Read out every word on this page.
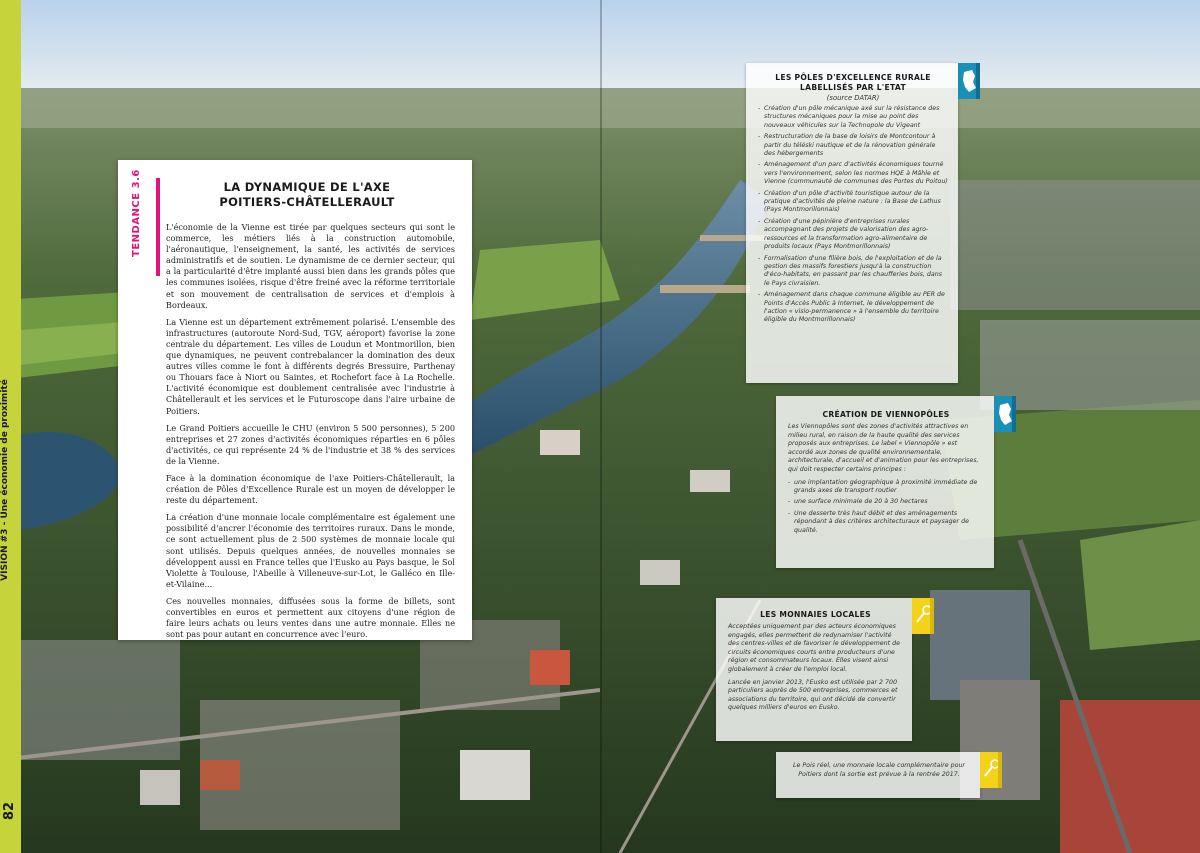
VISION #3 - Une économie de proximité
82
TENDANCE 3.6	LA DYNAMIQUE DE L'AXE
POITIERS-CHÂTELLERAULT

L'économie de la Vienne est tirée par quelques secteurs qui sont le commerce, les métiers liés à la construction automobile, l'aéronautique, l'enseignement, la santé, les activités de services administratifs et de soutien. Le dynamisme de ce dernier secteur, qui a la particularité d'être implanté aussi bien dans les grands pôles que les communes isolées, risque d'être freiné avec la réforme territoriale et son mouvement de centralisation de services et d'emplois à Bordeaux.

La Vienne est un département extrêmement polarisé. L'ensemble des infrastructures (autoroute Nord-Sud, TGV, aéroport) favorise la zone centrale du département. Les villes de Loudun et Montmorillon, bien que dynamiques, ne peuvent contrebalancer la domination des deux autres villes comme le font à différents degrés Bressuire, Parthenay ou Thouars face à Niort ou Saintes, et Rochefort face à La Rochelle. L'activité économique est doublement centralisée avec l'industrie à Châtellerault et les services et le Futuroscope dans l'aire urbaine de Poitiers.

Le Grand Poitiers accueille le CHU (environ 5 500 personnes), 5 200 entreprises et 27 zones d'activités économiques réparties en 6 pôles d'activités, ce qui représente 24 % de l'industrie et 38 % des services de la Vienne.

Face à la domination économique de l'axe Poitiers-Châtellerault, la création de Pôles d'Excellence Rurale est un moyen de développer le reste du département.

La création d'une monnaie locale complémentaire est également une possibilité d'ancrer l'économie des territoires ruraux. Dans le monde, ce sont actuellement plus de 2 500 systèmes de monnaie locale qui sont utilisés. Depuis quelques années, de nouvelles monnaies se développent aussi en France telles que l'Eusko au Pays basque, le Sol Violette à Toulouse, l'Abeille à Villeneuve-sur-Lot, le Galléco en Ille-et-Vilaine...

Ces nouvelles monnaies, diffusées sous la forme de billets, sont convertibles en euros et permettent aux citoyens d'une région de faire leurs achats ou leurs ventes dans une autre monnaie. Elles ne sont pas pour autant en concurrence avec l'euro.

LES PÔLES D'EXCELLENCE RURALE
LABELLISÉS PAR L'ETAT
(source DATAR)
- Création d'un pôle mécanique axé sur la résistance des structures mécaniques pour la mise au point des nouveaux véhicules sur la Technopole du Vigeant
- Restructuration de la base de loisirs de Montcontour à partir du téléski nautique et de la rénovation générale des hébergements
- Aménagement d'un parc d'activités économiques tourné vers l'environnement, selon les normes HQE à Mâhle et Vienne (communauté de communes des Portes du Poitou)
- Création d'un pôle d'activité touristique autour de la pratique d'activités de pleine nature : la Base de Lathus (Pays Montmorillonnais)
- Création d'une pépinière d'entreprises rurales accompagnant des projets de valorisation des agro-ressources et la transformation agro-alimentaire de produits locaux (Pays Montmorillonnais)
- Formalisation d'une filière bois, de l'exploitation et de la gestion des massifs forestiers jusqu'à la construction d'éco-habitats, en passant par les chaufferies bois, dans le Pays civraisien.
- Aménagement dans chaque commune éligible au PER de Points d'Accès Public à Internet, le développement de l'action « visio-permanence » à l'ensemble du territoire éligible du Montmorillonnais)
CRÉATION DE VIENNOPÔLES
Les Viennopôles sont des zones d'activités attractives en milieu rural, en raison de la haute qualité des services proposés aux entreprises. Le label « Viennopôle » est accordé aux zones de qualité environnementale, architecturale, d'accueil et d'animation pour les entreprises, qui doit respecter certains principes :
- une implantation géographique à proximité immédiate de grands axes de transport routier
- une surface minimale de 20 à 30 hectares
- Une desserte très haut débit et des aménagements répondant à des critères architecturaux et paysager de qualité.
LES MONNAIES LOCALES
Acceptées uniquement par des acteurs économiques engagés, elles permettent de redynamiser l'activité des centres-villes et de favoriser le développement de circuits économiques courts entre producteurs d'une région et consommateurs locaux. Elles visent ainsi globalement à créer de l'emploi local.
Lancée en janvier 2013, l'Eusko est utilisée par 2 700 particuliers auprès de 500 entreprises, commerces et associations du territoire, qui ont décidé de convertir quelques milliers d'euros en Eusko.
Le Pois réel, une monnaie locale complémentaire pour Poitiers dont la sortie est prévue à la rentrée 2017.
